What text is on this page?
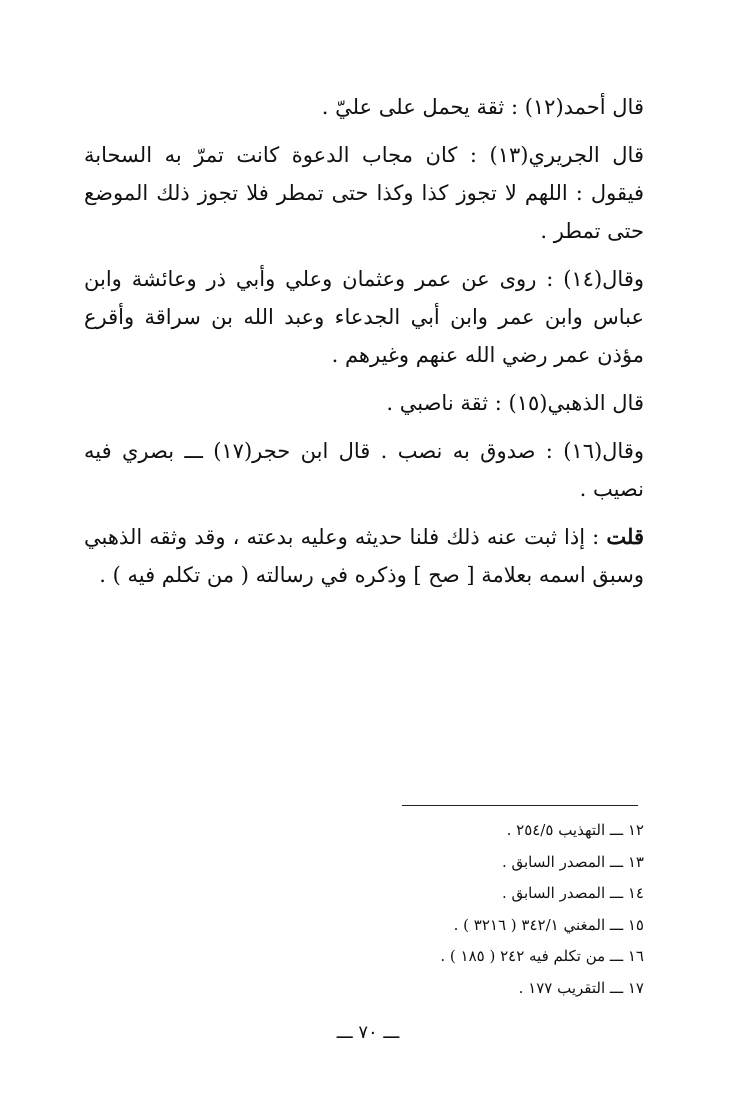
قال أحمد(١٢) : ثقة يحمل على عليّ .

قال الجريري(١٣) : كان مجاب الدعوة كانت تمرّ به السحابة فيقول : اللهم لا تجوز كذا وكذا حتى تمطر فلا تجوز ذلك الموضع حتى تمطر .

وقال(١٤) : روى عن عمر وعثمان وعلي وأبي ذر وعائشة وابن عباس وابن عمر وابن أبي الجدعاء وعبد الله بن سراقة وأقرع مؤذن عمر رضي الله عنهم وغيرهم .

قال الذهبي(١٥) : ثقة ناصبي .

وقال(١٦) : صدوق به نصب . قال ابن حجر(١٧) ـــ بصري فيه نصيب .

قلت : إذا ثبت عنه ذلك فلنا حديثه وعليه بدعته ، وقد وثقه الذهبي وسبق اسمه بعلامة [ صح ] وذكره في رسالته ( من تكلم فيه ) .

١٢ ـــ التهذيب ٢٥٤/٥ .
١٣ ـــ المصدر السابق .
١٤ ـــ المصدر السابق .
١٥ ـــ المغني ٣٤٢/١ ( ٣٢١٦ ) .
١٦ ـــ من تكلم فيه ٢٤٢ ( ١٨٥ ) .
١٧ ـــ التقريب ١٧٧ .
ـــ ٧٠ ـــ
